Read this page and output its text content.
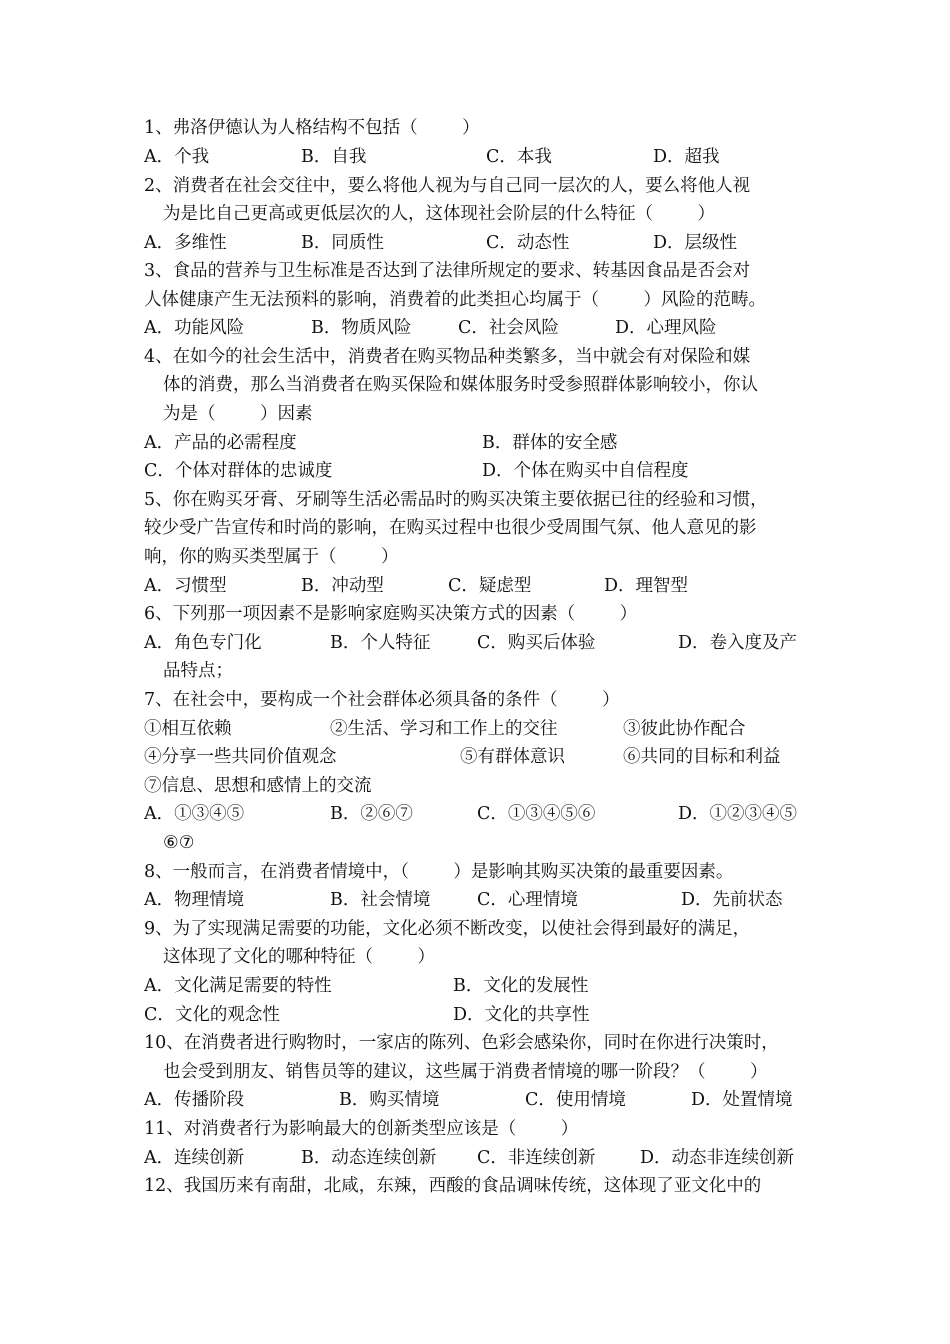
1、弗洛伊德认为人格结构不包括（        ）
A．个我	B．自我	C．本我	D．超我
2、消费者在社会交往中，要么将他人视为与自己同一层次的人，要么将他人视
为是比自己更高或更低层次的人，这体现社会阶层的什么特征（        ）
A．多维性	B．同质性	C．动态性	D．层级性
3、食品的营养与卫生标准是否达到了法律所规定的要求、转基因食品是否会对
人体健康产生无法预料的影响，消费着的此类担心均属于（        ）风险的范畴。
A．功能风险	B．物质风险	C．社会风险	D．心理风险
4、在如今的社会生活中，消费者在购买物品种类繁多，当中就会有对保险和媒
体的消费，那么当消费者在购买保险和媒体服务时受参照群体影响较小，你认
为是（        ）因素
A．产品的必需程度	B．群体的安全感
C．个体对群体的忠诚度	D．个体在购买中自信程度
5、你在购买牙膏、牙刷等生活必需品时的购买决策主要依据已往的经验和习惯，
较少受广告宣传和时尚的影响，在购买过程中也很少受周围气氛、他人意见的影
响，你的购买类型属于（        ）
A．习惯型	B．冲动型	C．疑虑型	D．理智型
6、下列那一项因素不是影响家庭购买决策方式的因素（        ）
A．角色专门化	B．个人特征	C．购买后体验	D．卷入度及产
品特点；
7、在社会中，要构成一个社会群体必须具备的条件（        ）
①相互依赖	②生活、学习和工作上的交往	③彼此协作配合
④分享一些共同价值观念	⑤有群体意识	⑥共同的目标和利益
⑦信息、思想和感情上的交流
A．①③④⑤	B．②⑥⑦	C．①③④⑤⑥	D．①②③④⑤
⑥⑦
8、一般而言，在消费者情境中，（        ）是影响其购买决策的最重要因素。
A．物理情境	B．社会情境	C．心理情境	D．先前状态
9、为了实现满足需要的功能，文化必须不断改变，以使社会得到最好的满足，
这体现了文化的哪种特征（        ）
A．文化满足需要的特性	B．文化的发展性
C．文化的观念性	D．文化的共享性
10、在消费者进行购物时，一家店的陈列、色彩会感染你，同时在你进行决策时，
也会受到朋友、销售员等的建议，这些属于消费者情境的哪一阶段？（        ）
A．传播阶段	B．购买情境	C．使用情境	D．处置情境
11、对消费者行为影响最大的创新类型应该是（        ）
A．连续创新	B．动态连续创新 C．非连续创新	D．动态非连续创新
12、我国历来有南甜，北咸，东辣，西酸的食品调味传统，这体现了亚文化中的
